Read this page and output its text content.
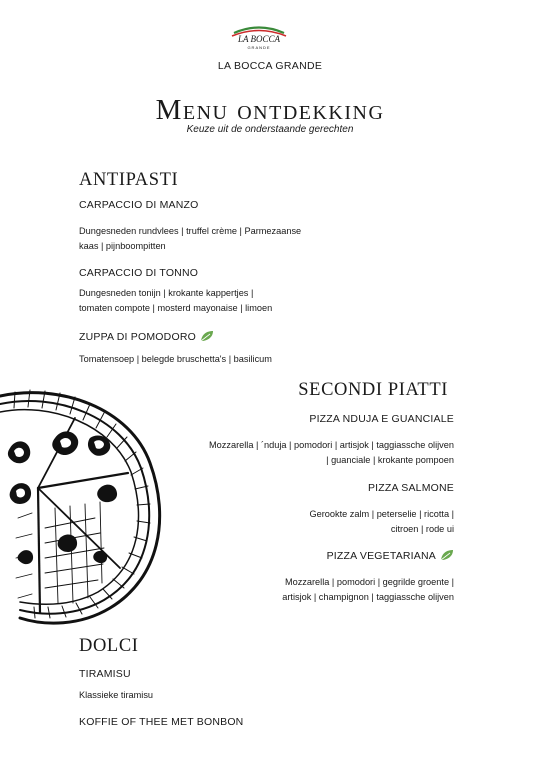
LA BOCCA
GRANDE
LA BOCCA GRANDE
Menu ontdekking
Keuze uit de onderstaande gerechten
ANTIPASTI
CARPACCIO DI MANZO
Dungesneden rundvlees | truffel crème | Parmezaanse
kaas | pijnboompitten
CARPACCIO DI TONNO
Dungesneden tonijn | krokante kappertjes |
tomaten compote | mosterd mayonaise | limoen
ZUPPA DI POMODORO
Tomatensoep | belegde bruschetta's | basilicum
SECONDI PIATTI
PIZZA NDUJA E GUANCIALE
Mozzarella | ´nduja | pomodori | artisjok | taggiassche olijven
| guanciale | krokante pompoen
PIZZA SALMONE
Gerookte zalm | peterselie | ricotta |
citroen | rode ui
PIZZA VEGETARIANA
Mozzarella | pomodori | gegrilde groente |
artisjok | champignon | taggiassche olijven
DOLCI
TIRAMISU
Klassieke tiramisu
KOFFIE OF THEE MET BONBON
